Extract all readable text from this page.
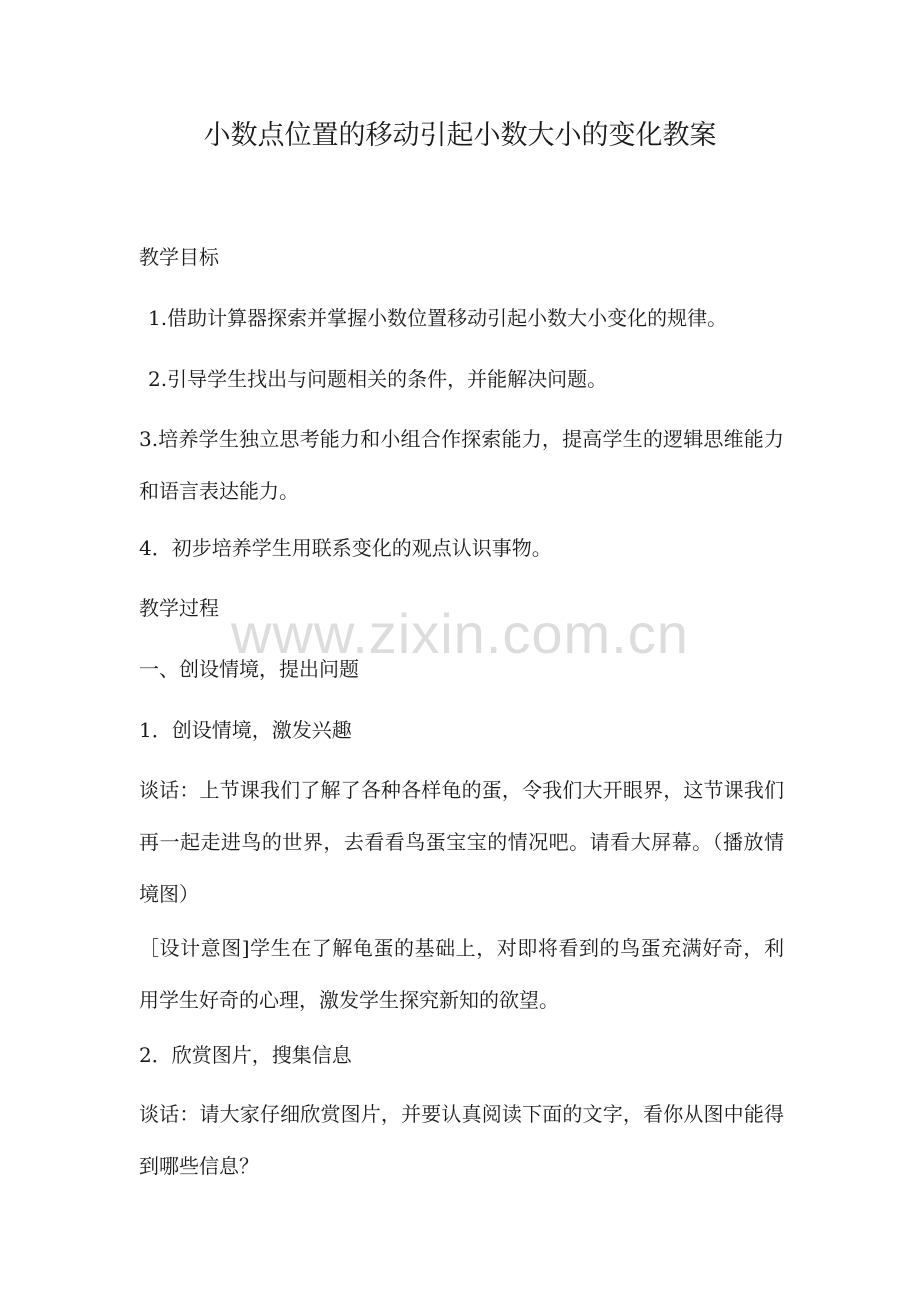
小数点位置的移动引起小数大小的变化教案

教学目标

1.借助计算器探索并掌握小数位置移动引起小数大小变化的规律。

2.引导学生找出与问题相关的条件，并能解决问题。

3.培养学生独立思考能力和小组合作探索能力，提高学生的逻辑思维能力和语言表达能力。

4．初步培养学生用联系变化的观点认识事物。

教学过程

一、创设情境，提出问题

1．创设情境，激发兴趣

谈话：上节课我们了解了各种各样龟的蛋，令我们大开眼界，这节课我们再一起走进鸟的世界，去看看鸟蛋宝宝的情况吧。请看大屏幕。（播放情境图）

［设计意图]学生在了解龟蛋的基础上，对即将看到的鸟蛋充满好奇，利用学生好奇的心理，激发学生探究新知的欲望。

2．欣赏图片，搜集信息

谈话：请大家仔细欣赏图片，并要认真阅读下面的文字，看你从图中能得到哪些信息？

www.zixin.com.cn
